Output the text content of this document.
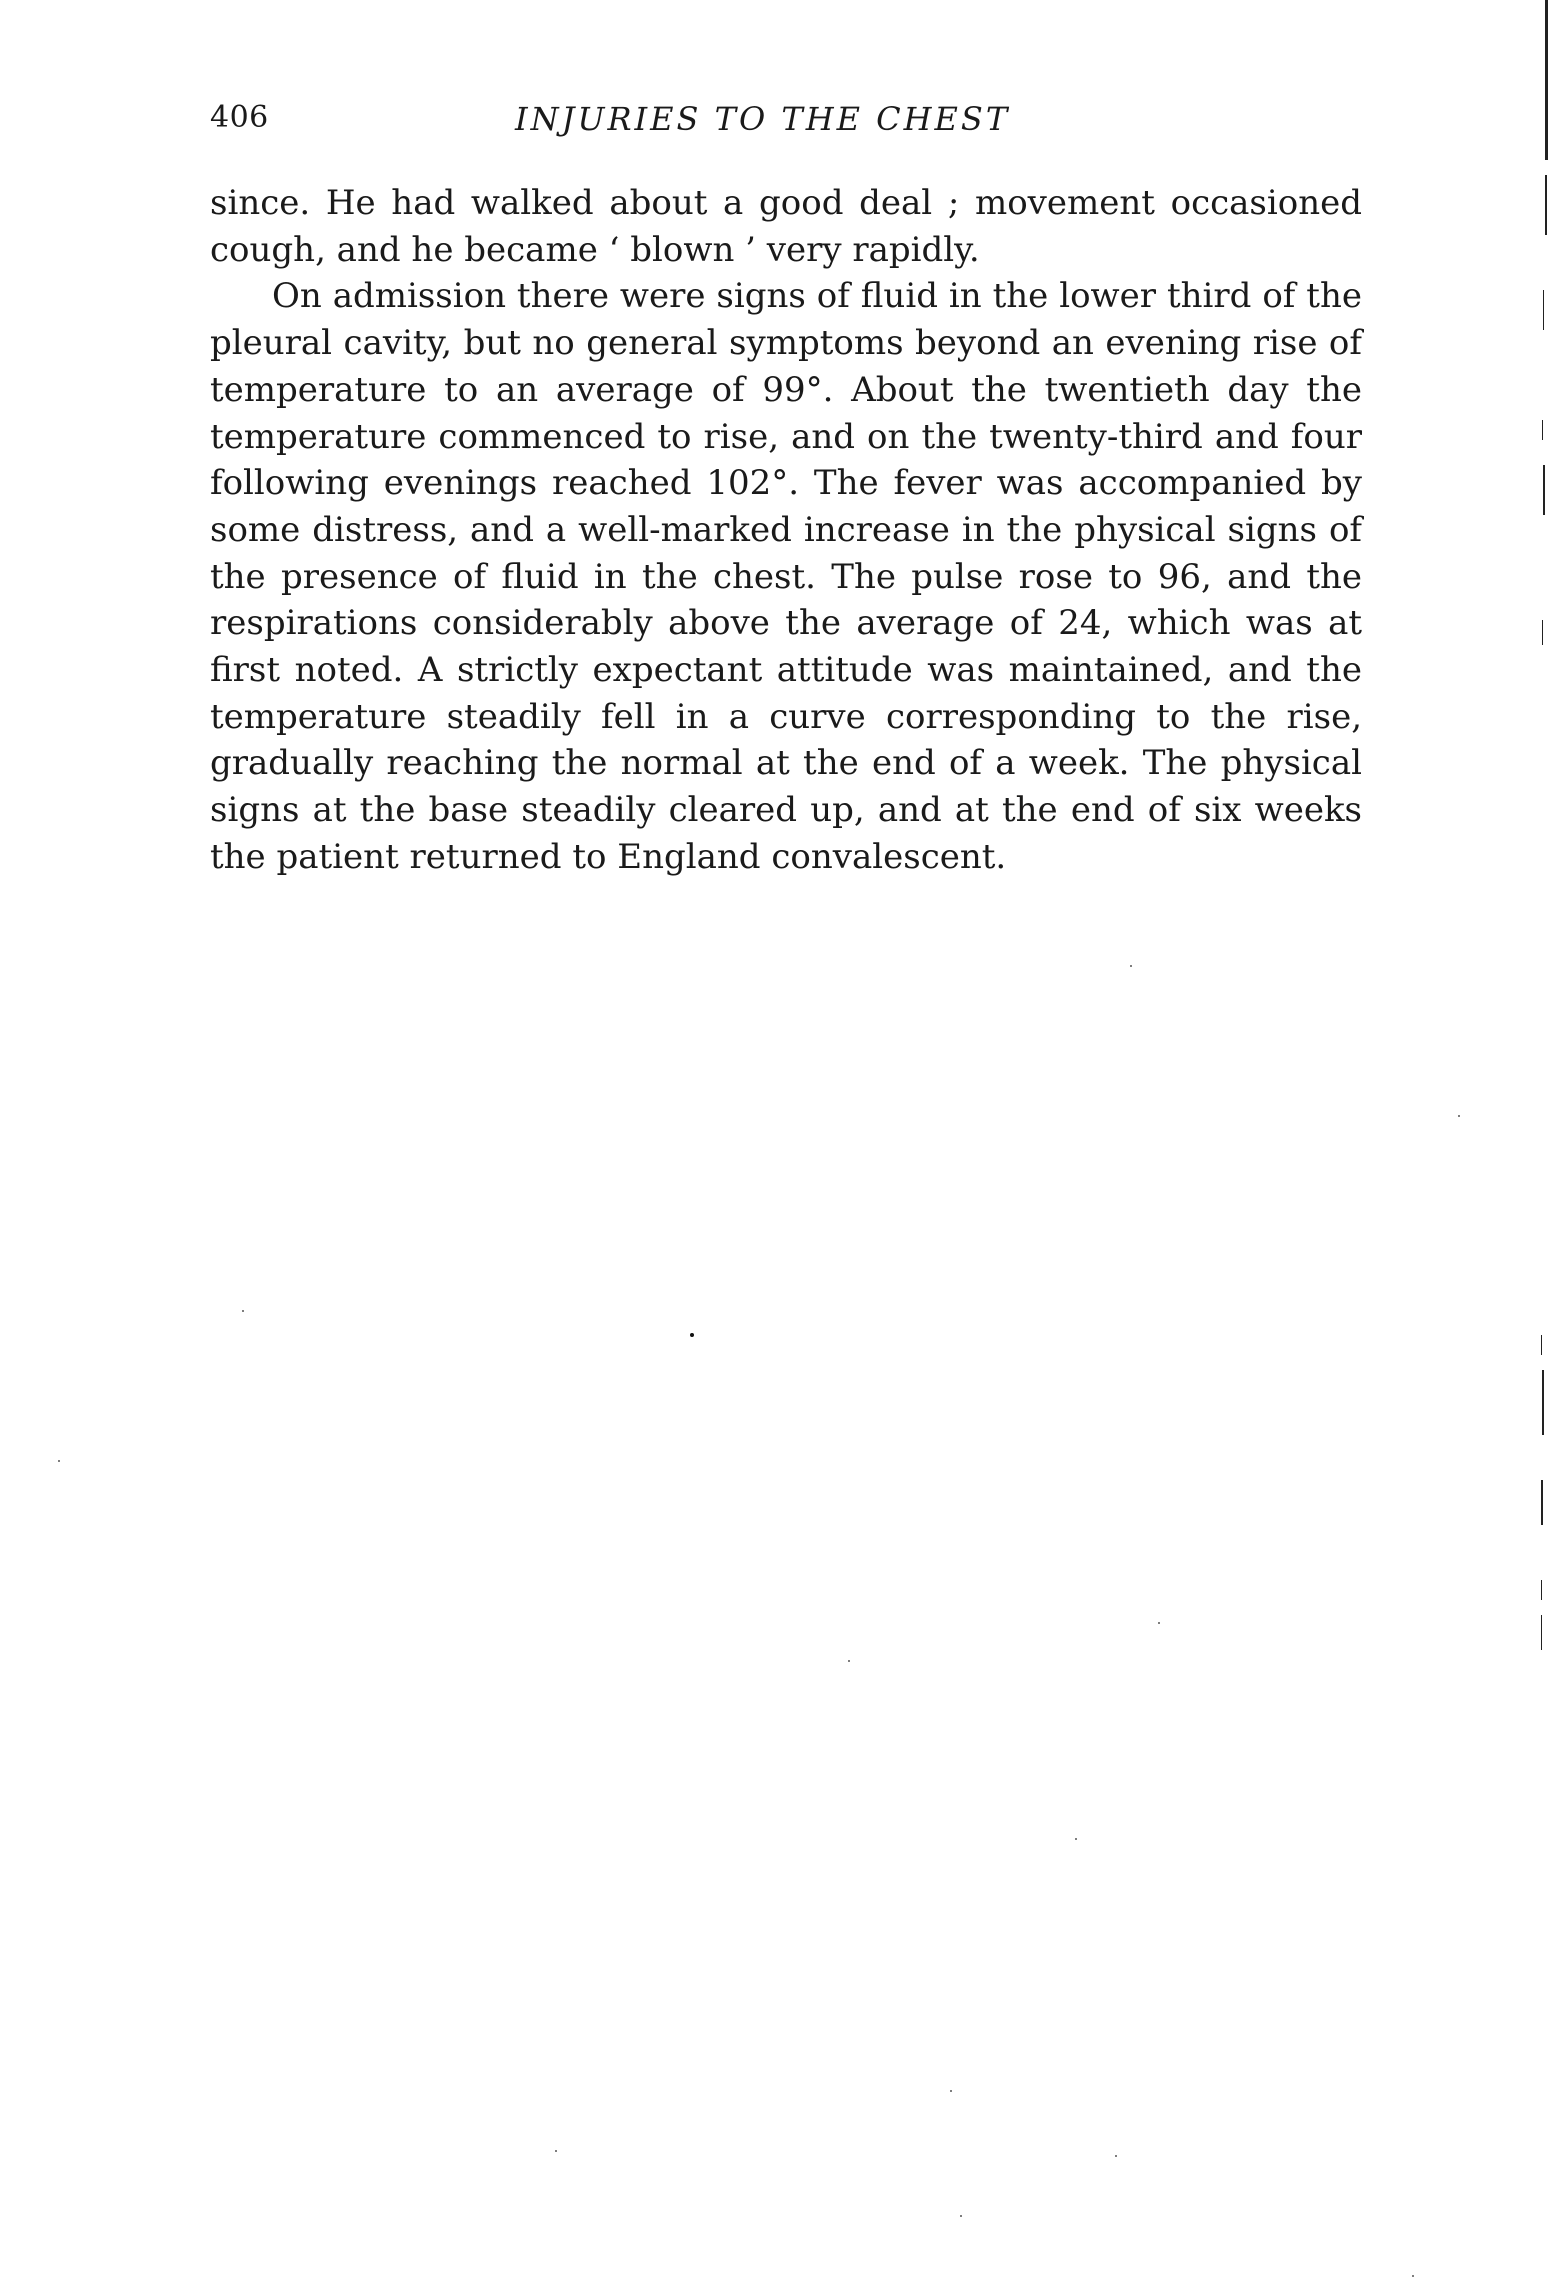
406	INJURIES TO THE CHEST

since. He had walked about a good deal ; movement occasioned cough, and he became ‘ blown ’ very rapidly.

On admission there were signs of fluid in the lower third of the pleural cavity, but no general symptoms beyond an evening rise of temperature to an average of 99°. About the twentieth day the temperature commenced to rise, and on the twenty-third and four following evenings reached 102°. The fever was accompanied by some distress, and a well-marked increase in the physical signs of the presence of fluid in the chest. The pulse rose to 96, and the respirations considerably above the average of 24, which was at first noted. A strictly expectant attitude was maintained, and the temperature steadily fell in a curve corresponding to the rise, gradually reaching the normal at the end of a week. The physical signs at the base steadily cleared up, and at the end of six weeks the patient returned to England convalescent.
